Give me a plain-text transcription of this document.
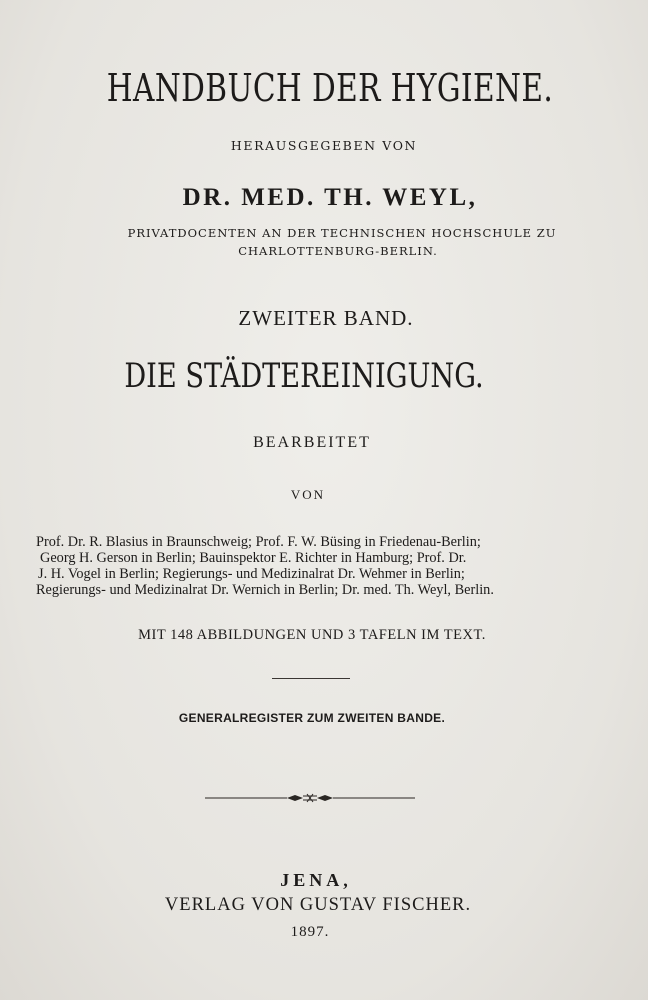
HANDBUCH DER HYGIENE.
HERAUSGEGEBEN VON
DR. MED. TH. WEYL,
PRIVATDOCENTEN AN DER TECHNISCHEN HOCHSCHULE ZU
CHARLOTTENBURG-BERLIN.
ZWEITER BAND.
DIE STÄDTEREINIGUNG.
BEARBEITET
VON
Prof. Dr. R. Blasius in Braunschweig; Prof. F. W. Büsing in Friedenau-Berlin;
Georg H. Gerson in Berlin; Bauinspektor E. Richter in Hamburg; Prof. Dr.
J. H. Vogel in Berlin; Regierungs- und Medizinalrat Dr. Wehmer in Berlin;
Regierungs- und Medizinalrat Dr. Wernich in Berlin; Dr. med. Th. Weyl, Berlin.
MIT 148 ABBILDUNGEN UND 3 TAFELN IM TEXT.
GENERALREGISTER ZUM ZWEITEN BANDE.
JENA,
VERLAG VON GUSTAV FISCHER.
1897.
